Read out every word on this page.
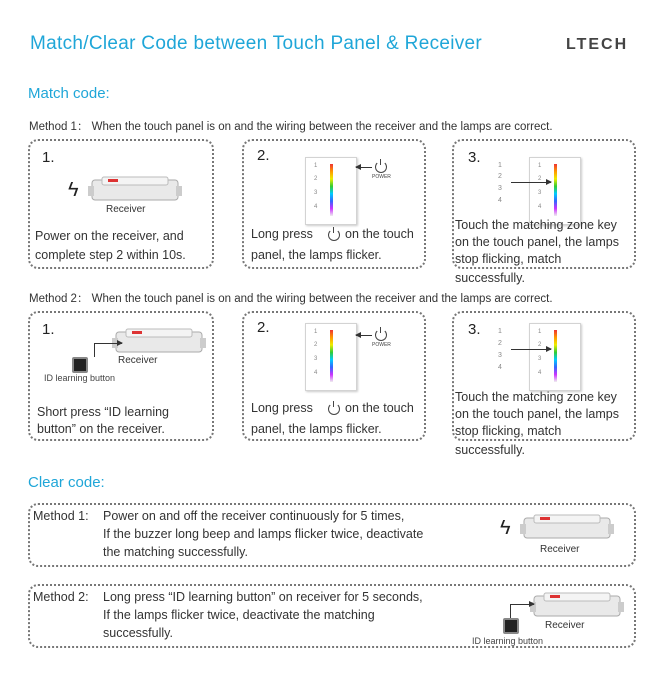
Match/Clear Code between Touch Panel & Receiver	LTECH
Match code:
Method 1： When the touch panel is on and the wiring between the receiver and the lamps are correct.
1.
ϟ
Receiver
Power on the receiver, and
complete step 2 within 10s.
2.
1
2
3
4
POWER
Long press	on the touch
panel, the lamps flicker.
3.	1
2
3
4
1
2
3
4
Touch the matching zone key
on the touch panel, the lamps
stop flicking, match successfully.
Method 2： When the touch panel is on and the wiring between the receiver and the lamps are correct.
1.
Receiver
ID learning button
Short press “ID learning
button” on the receiver.
2.	1
2
3
4
POWER
Long press	on the touch
panel, the lamps flicker.
3.	1
2
3
4
1
2
3
4
Touch the matching zone key
on the touch panel, the lamps
stop flicking, match successfully.
Clear code:
Method 1: Power on and off the receiver continuously for 5 times,
If the buzzer long beep and lamps flicker twice, deactivate
the matching successfully.
ϟ
Receiver
Method 2: Long press “ID learning button” on receiver for 5 seconds,
If the lamps flicker twice, deactivate the matching
successfully.
Receiver
ID learning button
